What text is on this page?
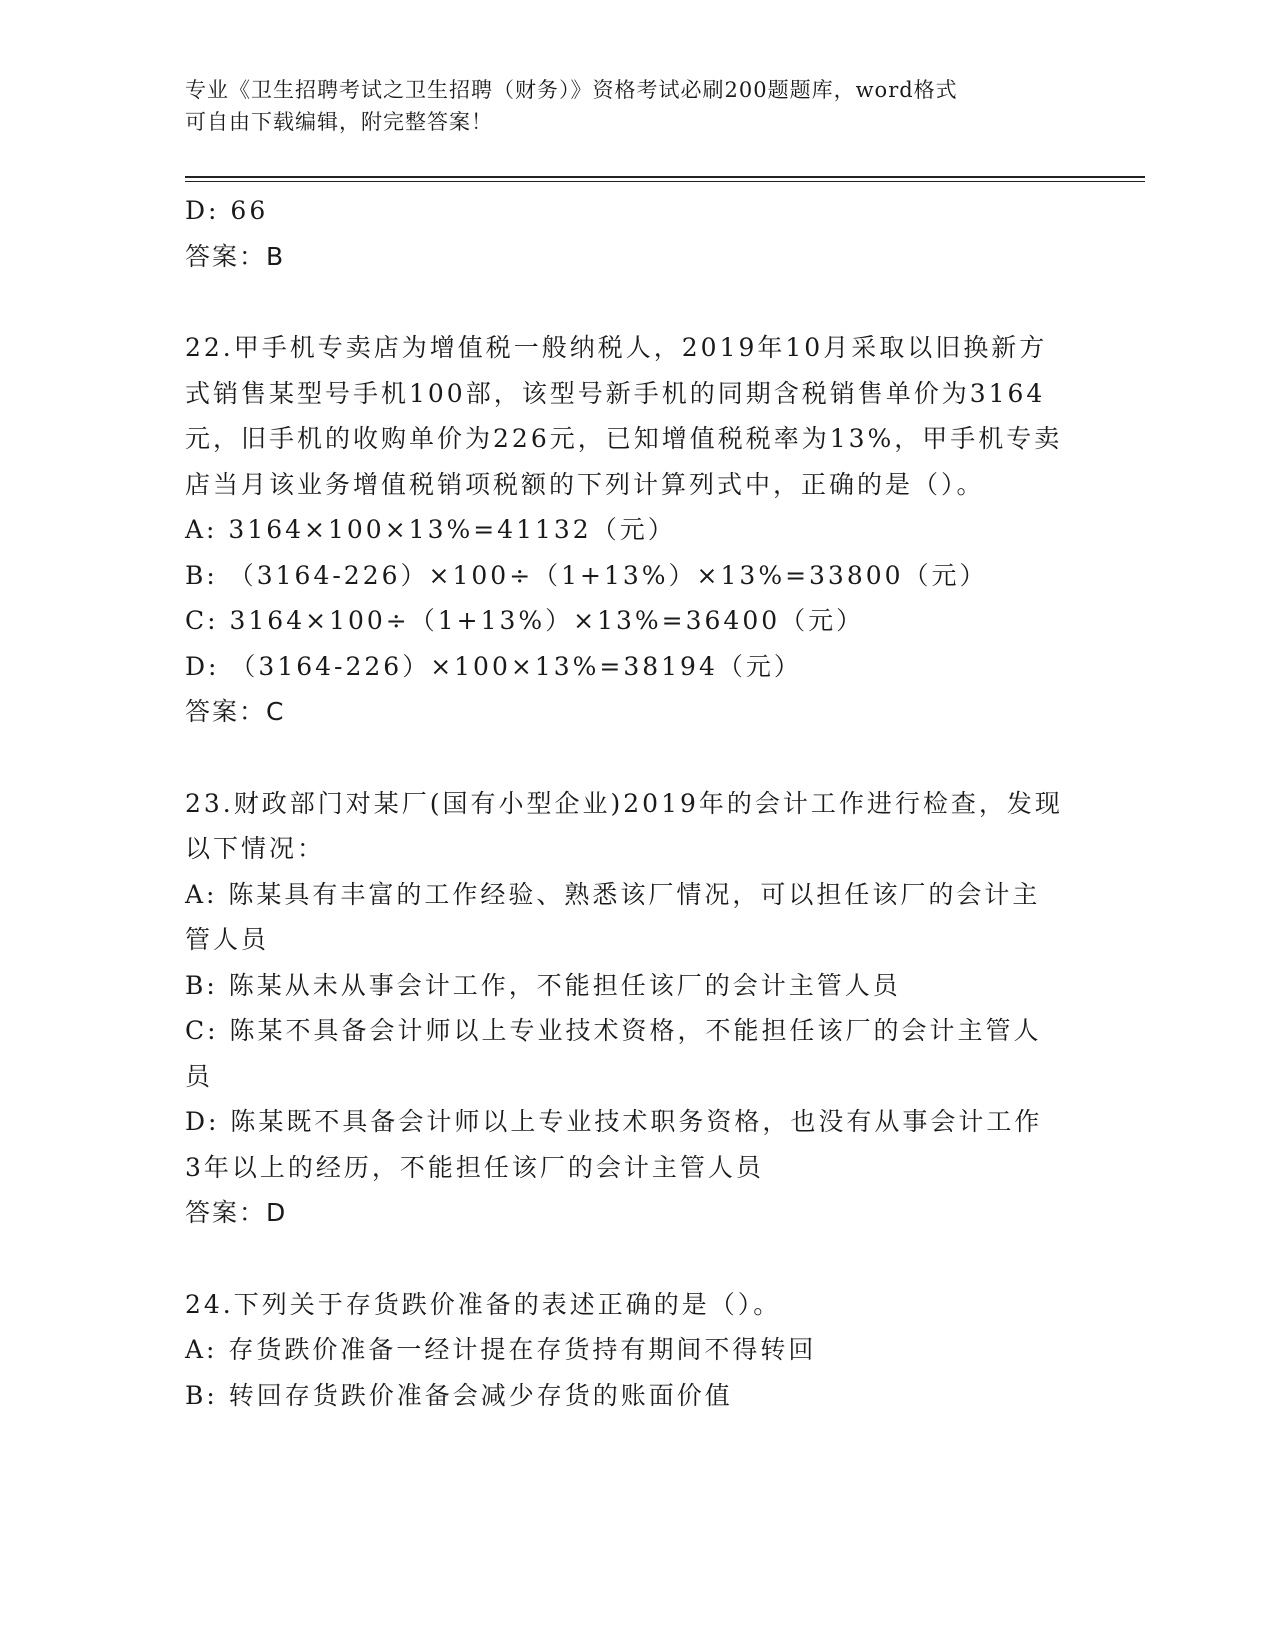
专业《卫生招聘考试之卫生招聘（财务）》资格考试必刷200题题库，word格式
可自由下载编辑，附完整答案！
D: 66
答案：B
22.甲手机专卖店为增值税一般纳税人，2019年10月采取以旧换新方
式销售某型号手机100部，该型号新手机的同期含税销售单价为3164
元，旧手机的收购单价为226元，已知增值税税率为13%，甲手机专卖
店当月该业务增值税销项税额的下列计算列式中，正确的是（）。
A: 3164×100×13%=41132（元）
B: （3164-226）×100÷（1+13%）×13%=33800（元）
C: 3164×100÷（1+13%）×13%=36400（元）
D: （3164-226）×100×13%=38194（元）
答案：C
23.财政部门对某厂(国有小型企业)2019年的会计工作进行检查，发现
以下情况：
A: 陈某具有丰富的工作经验、熟悉该厂情况，可以担任该厂的会计主
管人员
B: 陈某从未从事会计工作，不能担任该厂的会计主管人员
C: 陈某不具备会计师以上专业技术资格，不能担任该厂的会计主管人
员
D: 陈某既不具备会计师以上专业技术职务资格，也没有从事会计工作
3年以上的经历，不能担任该厂的会计主管人员
答案：D
24.下列关于存货跌价准备的表述正确的是（）。
A: 存货跌价准备一经计提在存货持有期间不得转回
B: 转回存货跌价准备会减少存货的账面价值
